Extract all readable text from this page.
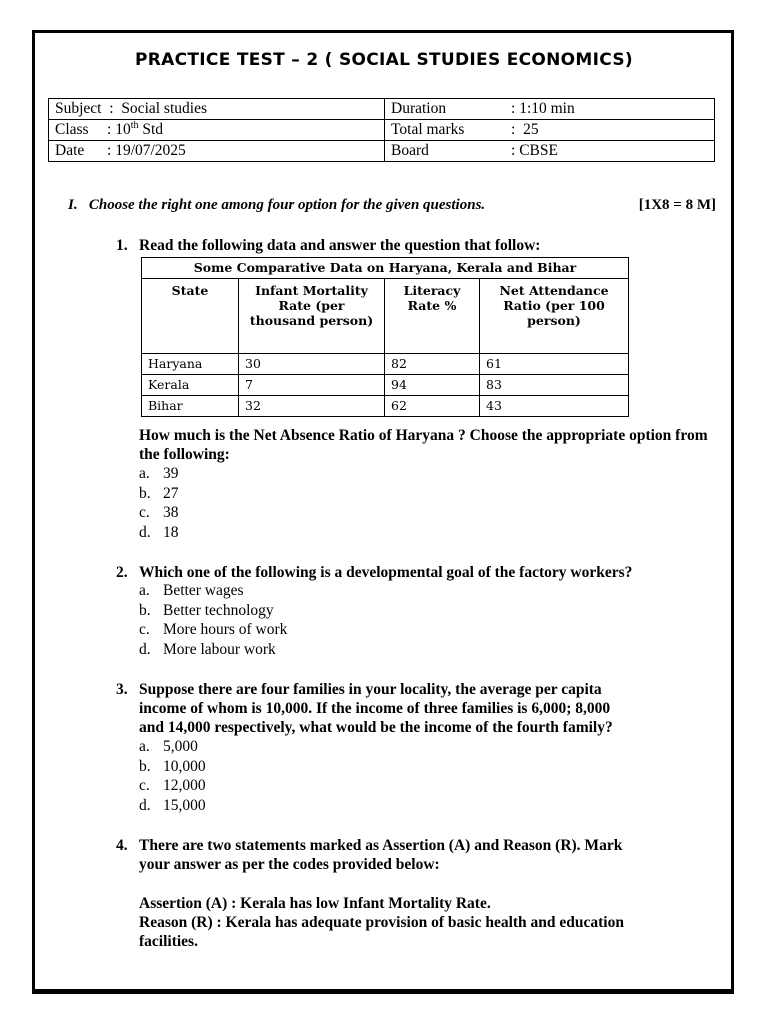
PRACTICE TEST – 2 ( SOCIAL STUDIES ECONOMICS)
Subject  :  Social studies	Duration : 1:10 min
Class : 10th Std	Total marks :  25
Date : 19/07/2025	Board : CBSE
I. Choose the right one among four option for the given questions.	[1X8 = 8 M]
1. Read the following data and answer the question that follow:
Some Comparative Data on Haryana, Kerala and Bihar			
State	Infant Mortality Rate (per thousand person)	Literacy Rate %	Net Attendance Ratio (per 100 person)
Haryana	30	82	61
Kerala	7	94	83
Bihar	32	62	43
How much is the Net Absence Ratio of Haryana ? Choose the appropriate option from the following:
a. 39
b. 27
c. 38
d. 18
2. Which one of the following is a developmental goal of the factory workers?
a. Better wages
b. Better technology
c. More hours of work
d. More labour work
3. Suppose there are four families in your locality, the average per capita
income of whom is 10,000. If the income of three families is 6,000; 8,000
and 14,000 respectively, what would be the income of the fourth family?
a. 5,000
b. 10,000
c. 12,000
d. 15,000
4. There are two statements marked as Assertion (A) and Reason (R). Mark
your answer as per the codes provided below:
Assertion (A) : Kerala has low Infant Mortality Rate.
Reason (R) : Kerala has adequate provision of basic health and education
facilities.
